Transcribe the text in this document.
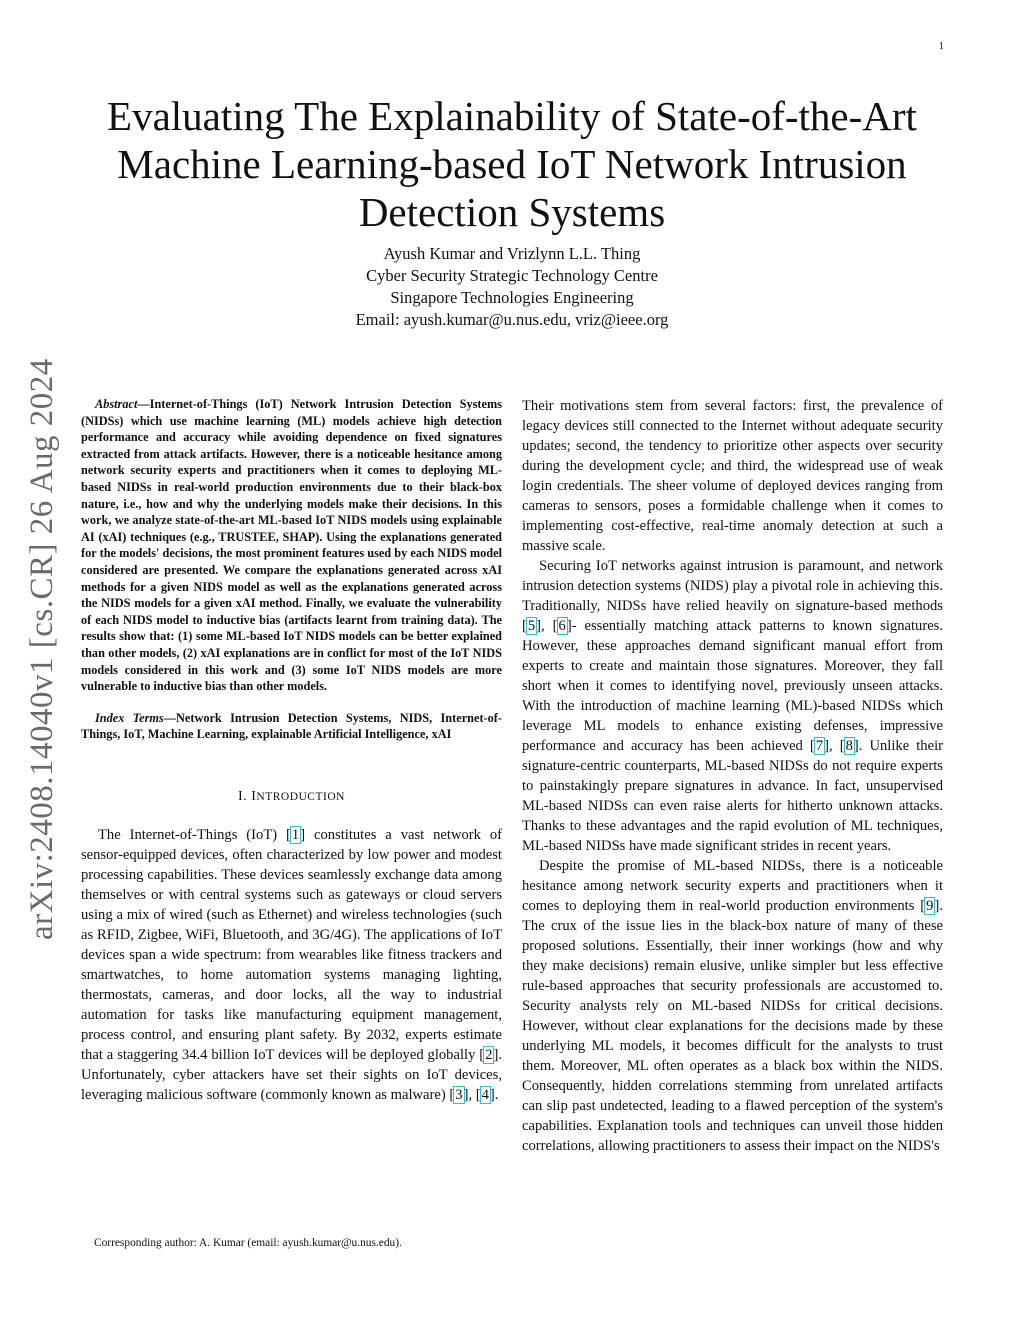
1
arXiv:2408.14040v1 [cs.CR] 26 Aug 2024
Evaluating The Explainability of State-of-the-Art Machine Learning-based IoT Network Intrusion Detection Systems
Ayush Kumar and Vrizlynn L.L. Thing
Cyber Security Strategic Technology Centre
Singapore Technologies Engineering
Email: ayush.kumar@u.nus.edu, vriz@ieee.org

Abstract—Internet-of-Things (IoT) Network Intrusion Detection Systems (NIDSs) which use machine learning (ML) models achieve high detection performance and accuracy while avoiding dependence on fixed signatures extracted from attack artifacts. However, there is a noticeable hesitance among network security experts and practitioners when it comes to deploying ML-based NIDSs in real-world production environments due to their black-box nature, i.e., how and why the underlying models make their decisions. In this work, we analyze state-of-the-art ML-based IoT NIDS models using explainable AI (xAI) techniques (e.g., TRUSTEE, SHAP). Using the explanations generated for the models' decisions, the most prominent features used by each NIDS model considered are presented. We compare the explanations generated across xAI methods for a given NIDS model as well as the explanations generated across the NIDS models for a given xAI method. Finally, we evaluate the vulnerability of each NIDS model to inductive bias (artifacts learnt from training data). The results show that: (1) some ML-based IoT NIDS models can be better explained than other models, (2) xAI explanations are in conflict for most of the IoT NIDS models considered in this work and (3) some IoT NIDS models are more vulnerable to inductive bias than other models.

Index Terms—Network Intrusion Detection Systems, NIDS, Internet-of-Things, IoT, Machine Learning, explainable Artificial Intelligence, xAI

I. INTRODUCTION

The Internet-of-Things (IoT) [1] constitutes a vast network of sensor-equipped devices, often characterized by low power and modest processing capabilities. These devices seamlessly exchange data among themselves or with central systems such as gateways or cloud servers using a mix of wired (such as Ethernet) and wireless technologies (such as RFID, Zigbee, WiFi, Bluetooth, and 3G/4G). The applications of IoT devices span a wide spectrum: from wearables like fitness trackers and smartwatches, to home automation systems managing lighting, thermostats, cameras, and door locks, all the way to industrial automation for tasks like manufacturing equipment management, process control, and ensuring plant safety. By 2032, experts estimate that a staggering 34.4 billion IoT devices will be deployed globally [2]. Unfortunately, cyber attackers have set their sights on IoT devices, leveraging malicious software (commonly known as malware) [3], [4].

Their motivations stem from several factors: first, the prevalence of legacy devices still connected to the Internet without adequate security updates; second, the tendency to prioritize other aspects over security during the development cycle; and third, the widespread use of weak login credentials. The sheer volume of deployed devices ranging from cameras to sensors, poses a formidable challenge when it comes to implementing cost-effective, real-time anomaly detection at such a massive scale.

Securing IoT networks against intrusion is paramount, and network intrusion detection systems (NIDS) play a pivotal role in achieving this. Traditionally, NIDSs have relied heavily on signature-based methods [5], [6]- essentially matching attack patterns to known signatures. However, these approaches demand significant manual effort from experts to create and maintain those signatures. Moreover, they fall short when it comes to identifying novel, previously unseen attacks. With the introduction of machine learning (ML)-based NIDSs which leverage ML models to enhance existing defenses, impressive performance and accuracy has been achieved [7], [8]. Unlike their signature-centric counterparts, ML-based NIDSs do not require experts to painstakingly prepare signatures in advance. In fact, unsupervised ML-based NIDSs can even raise alerts for hitherto unknown attacks. Thanks to these advantages and the rapid evolution of ML techniques, ML-based NIDSs have made significant strides in recent years.

Despite the promise of ML-based NIDSs, there is a noticeable hesitance among network security experts and practitioners when it comes to deploying them in real-world production environments [9]. The crux of the issue lies in the black-box nature of many of these proposed solutions. Essentially, their inner workings (how and why they make decisions) remain elusive, unlike simpler but less effective rule-based approaches that security professionals are accustomed to. Security analysts rely on ML-based NIDSs for critical decisions. However, without clear explanations for the decisions made by these underlying ML models, it becomes difficult for the analysts to trust them. Moreover, ML often operates as a black box within the NIDS. Consequently, hidden correlations stemming from unrelated artifacts can slip past undetected, leading to a flawed perception of the system's capabilities. Explanation tools and techniques can unveil those hidden correlations, allowing practitioners to assess their impact on the NIDS's

Corresponding author: A. Kumar (email: ayush.kumar@u.nus.edu).
